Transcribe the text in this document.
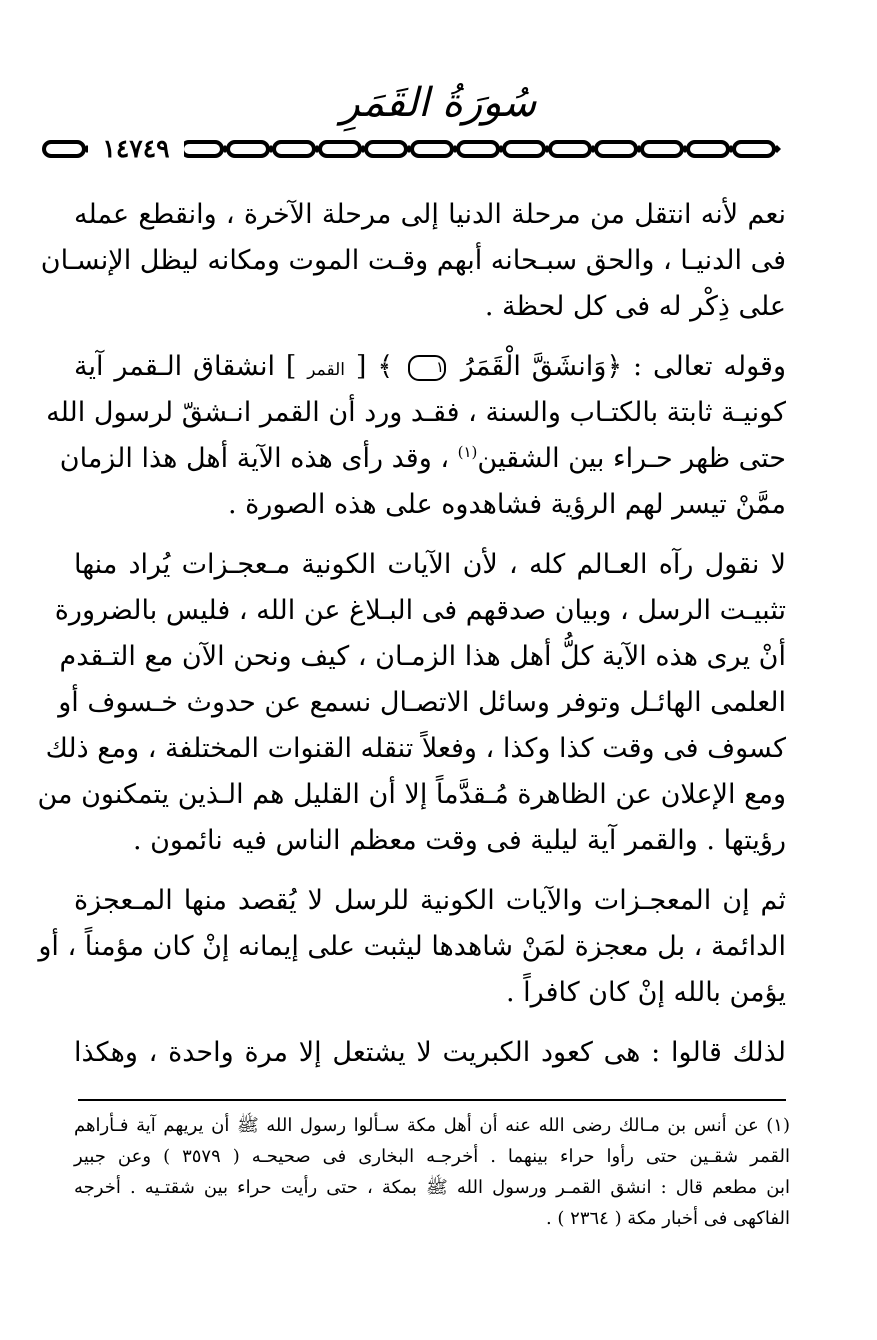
سُورَةُ القَمَرِ
١٤٧٤٩
نعم لأنه انتقل من مرحلة الدنيا إلى مرحلة الآخرة ، وانقطع عمله
فى الدنيـا ، والحق سبـحانه أبهم وقـت الموت ومكانه ليظل الإنسـان
على ذِكْر له فى كل لحظة .
وقوله تعالى : ﴿وَانشَقَّ الْقَمَرُ ١ ﴾ [ القمر ] انشقاق الـقمر آية
كونيـة ثابتة بالكتـاب والسنة ، فقـد ورد أن القمر انـشقّ لرسول الله
حتى ظهر حـراء بين الشقين$^{(١)}$ ، وقد رأى هذه الآية أهل هذا الزمان
ممَّنْ تيسر لهم الرؤية فشاهدوه على هذه الصورة .
لا نقول رآه العـالم كله ، لأن الآيات الكونية مـعجـزات يُراد منها
تثبيـت الرسل ، وبيان صدقهم فى البـلاغ عن الله ، فليس بالضرورة
أنْ يرى هذه الآية كلُّ أهل هذا الزمـان ، كيف ونحن الآن مع التـقدم
العلمى الهائـل وتوفر وسائل الاتصـال نسمع عن حدوث خـسوف أو
كسوف فى وقت كذا وكذا ، وفعلاً تنقله القنوات المختلفة ، ومع ذلك
ومع الإعلان عن الظاهرة مُـقدَّماً إلا أن القليل هم الـذين يتمكنون من
رؤيتها . والقمر آية ليلية فى وقت معظم الناس فيه نائمون .
ثم إن المعجـزات والآيات الكونية للرسل لا يُقصد منها المـعجزة
الدائمة ، بل معجزة لمَنْ شاهدها ليثبت على إيمانه إنْ كان مؤمناً ، أو
يؤمن بالله إنْ كان كافراً .
لذلك قالوا : هى كعود الكبريت لا يشتعل إلا مرة واحدة ، وهكذا
(١) عن أنس بن مـالك رضى الله عنه أن أهل مكة سـألوا رسول الله ﷺ أن يريهم آية فـأراهم
القمر شقـين حتى رأوا حراء بينهما . أخرجـه البخارى فى صحيحـه ( ٣٥٧٩ ) وعن جبير
ابن مطعم قال : انشق القمـر ورسول الله ﷺ بمكة ، حتى رأيت حراء بين شقتـيه . أخرجه
الفاكهى فى أخبار مكة ( ٢٣٦٤ ) .
